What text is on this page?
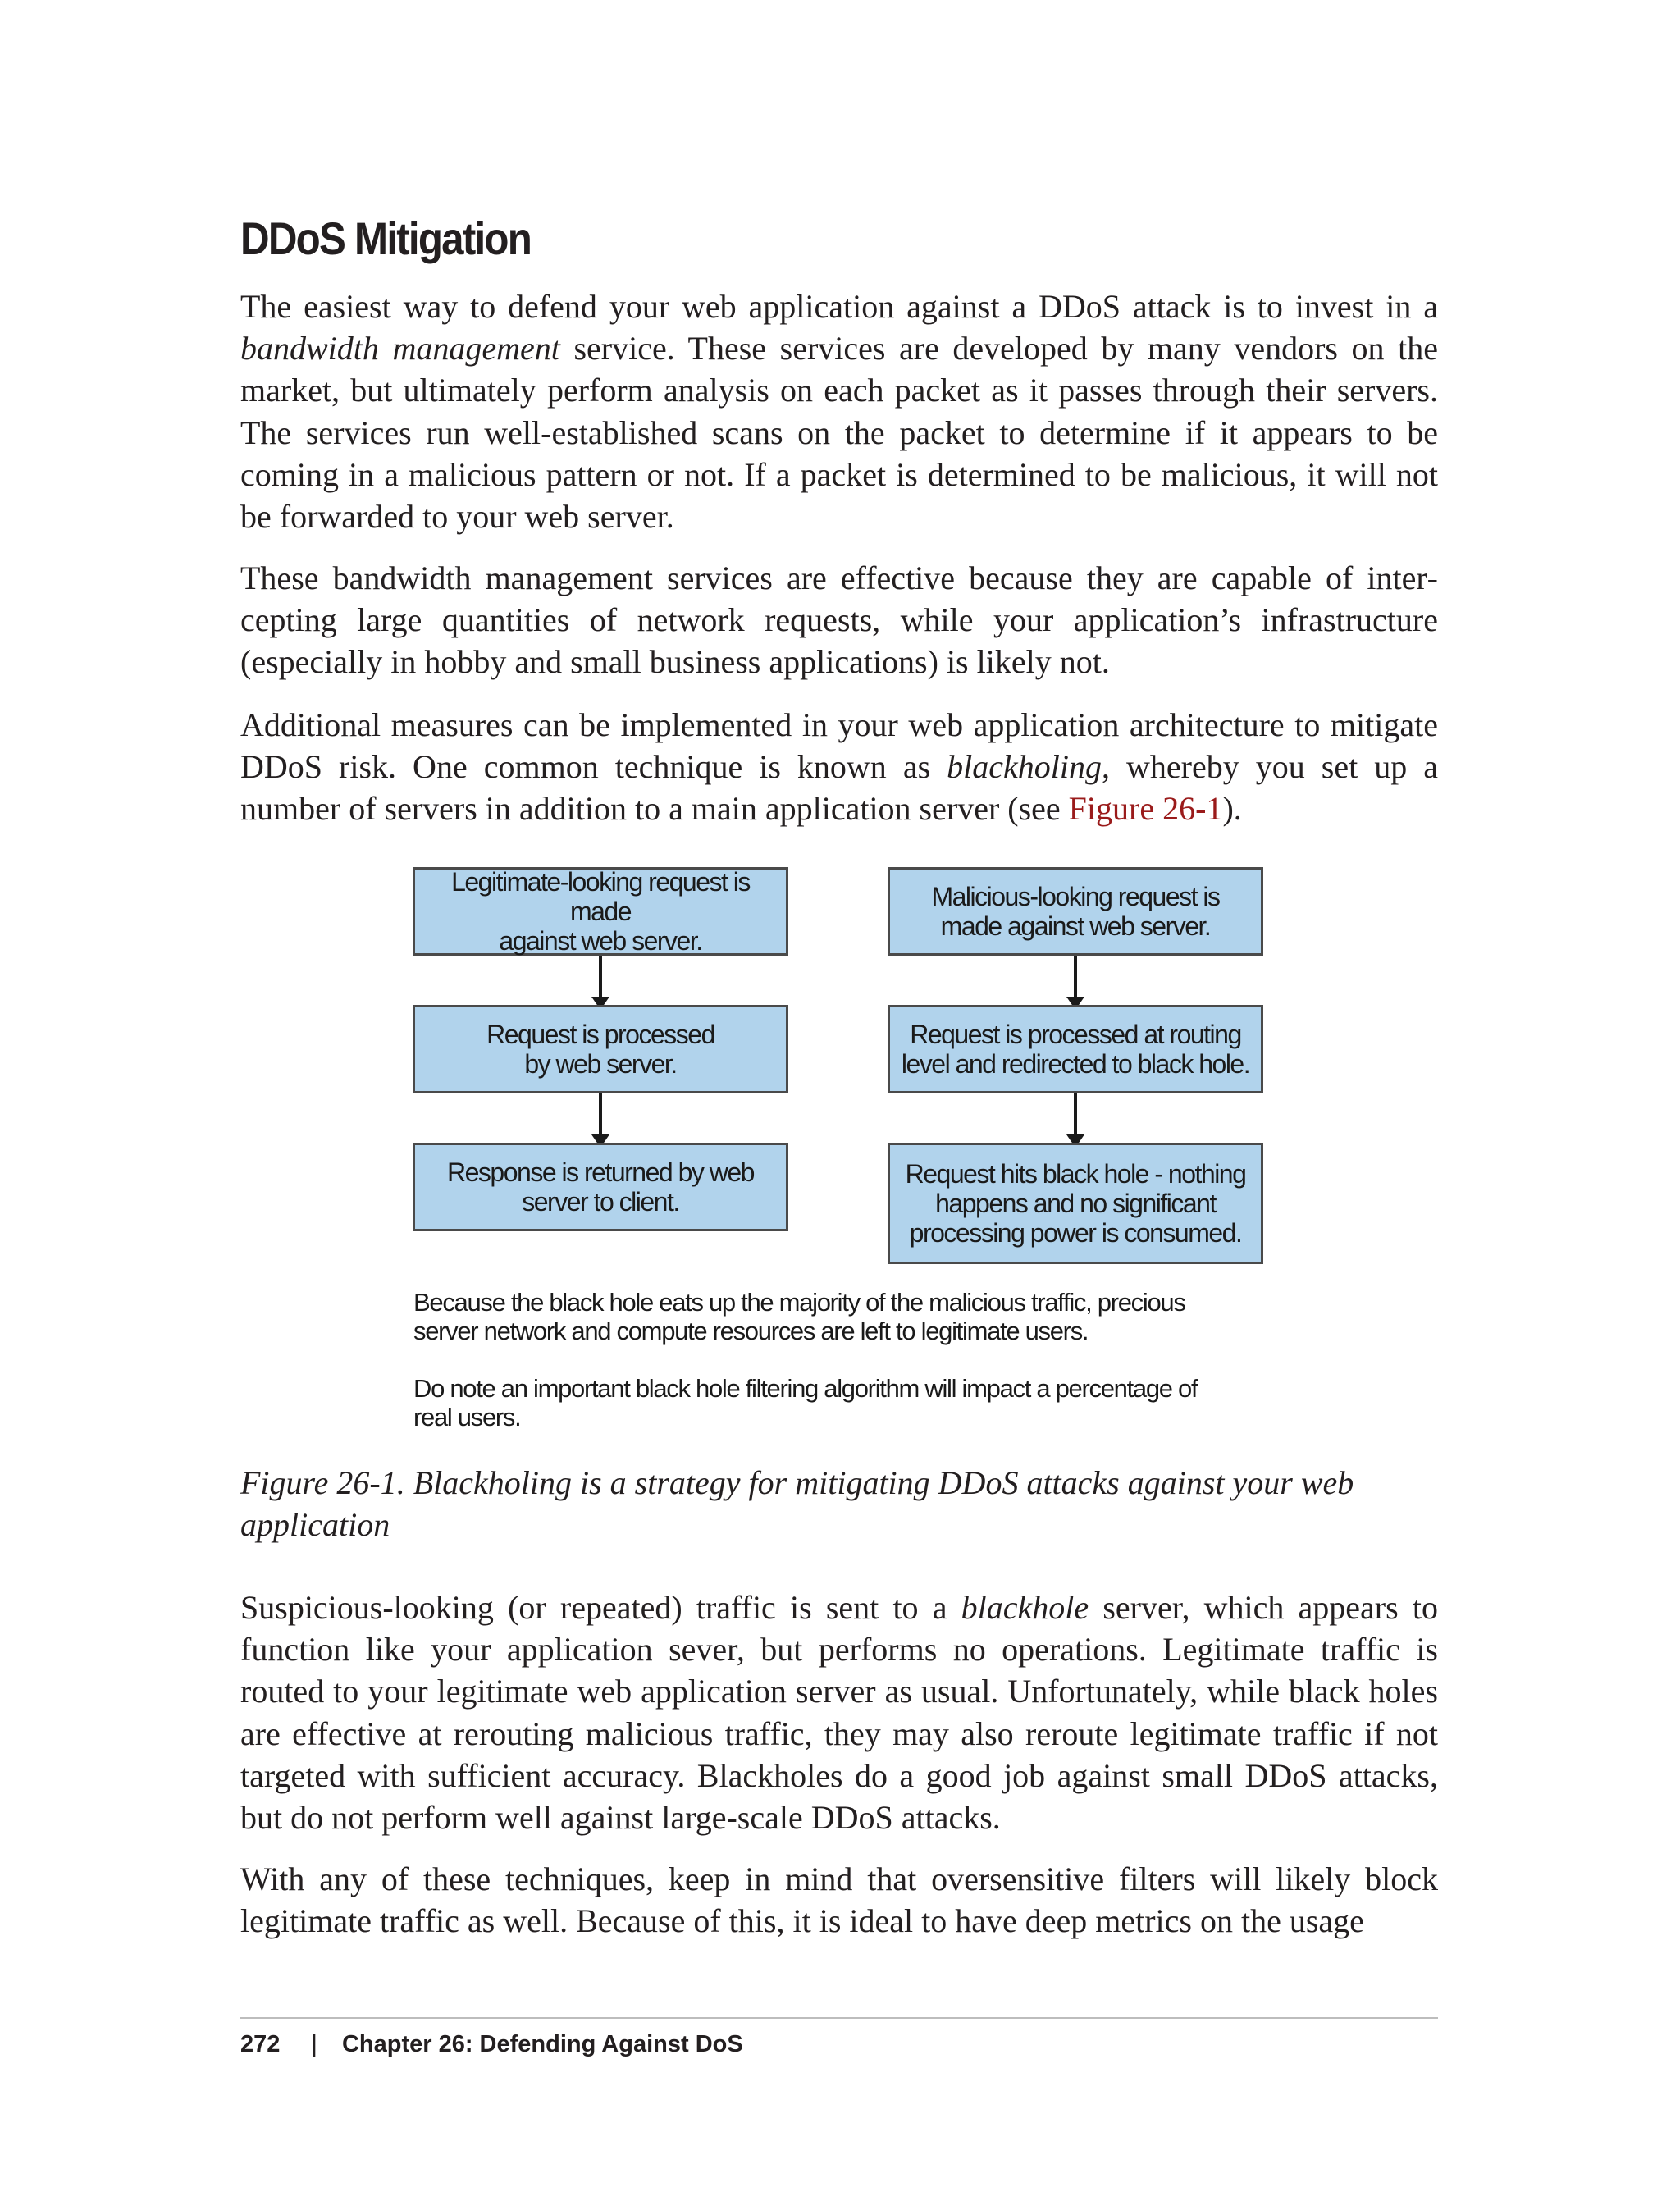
DDoS Mitigation

The easiest way to defend your web application against a DDoS attack is to invest in a bandwidth management service. These services are developed by many vendors on the market, but ultimately perform analysis on each packet as it passes through their servers. The services run well-established scans on the packet to determine if it appears to be coming in a malicious pattern or not. If a packet is determined to be malicious, it will not be forwarded to your web server.

These bandwidth management services are effective because they are capable of intercepting large quantities of network requests, while your application’s infrastructure (especially in hobby and small business applications) is likely not.

Additional measures can be implemented in your web application architecture to mitigate DDoS risk. One common technique is known as blackholing, whereby you set up a number of servers in addition to a main application server (see Figure 26-1).

Legitimate-looking request is made
against web server.
Request is processed
by web server.
Response is returned by web
server to client.
Malicious-looking request is
made against web server.
Request is processed at routing
level and redirected to black hole.
Request hits black hole - nothing
happens and no significant
processing power is consumed.

Because the black hole eats up the majority of the malicious traffic, precious
server network and compute resources are left to legitimate users.

Do note an important black hole filtering algorithm will impact a percentage of
real users.

Figure 26-1. Blackholing is a strategy for mitigating DDoS attacks against your web application

Suspicious-looking (or repeated) traffic is sent to a blackhole server, which appears to function like your application sever, but performs no operations. Legitimate traffic is routed to your legitimate web application server as usual. Unfortunately, while black holes are effective at rerouting malicious traffic, they may also reroute legitimate traffic if not targeted with sufficient accuracy. Blackholes do a good job against small DDoS attacks, but do not perform well against large-scale DDoS attacks.

With any of these techniques, keep in mind that oversensitive filters will likely block legitimate traffic as well. Because of this, it is ideal to have deep metrics on the usage

272 | Chapter 26: Defending Against DoS
